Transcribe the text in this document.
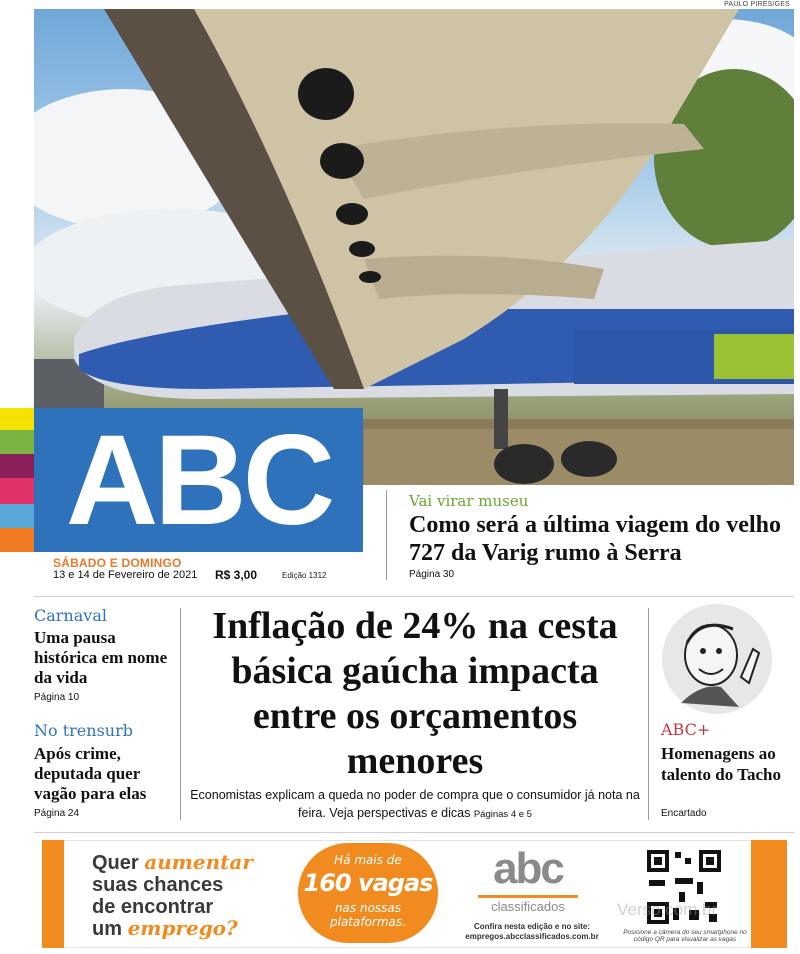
PAULO PIRES/GES
ABC
SÁBADO E DOMINGO
13 e 14 de Fevereiro de 2021 R$ 3,00	Edição 1312
Vai virar museu
Como será a última viagem do velho 727 da Varig rumo à Serra
Página 30
Carnaval
Uma pausa histórica em nome da vida
Página 10
No trensurb
Após crime, deputada quer vagão para elas
Página 24
Inflação de 24% na cesta básica gaúcha impacta entre os orçamentos menores
Economistas explicam a queda no poder de compra que o consumidor já nota na feira. Veja perspectivas e dicas Páginas 4 e 5
ABC+
Homenagens ao talento do Tacho
Encartado
Quer aumentar
suas chances
de encontrar
um emprego?
Há mais de
160 vagas
nas nossas plataformas.
abc
classificados
Confira nesta edição e no site:
empregos.abcclassificados.com.br	Posicione a câmera do seu smartphone no código QR para visualizar as vagas
Verso.com.br
